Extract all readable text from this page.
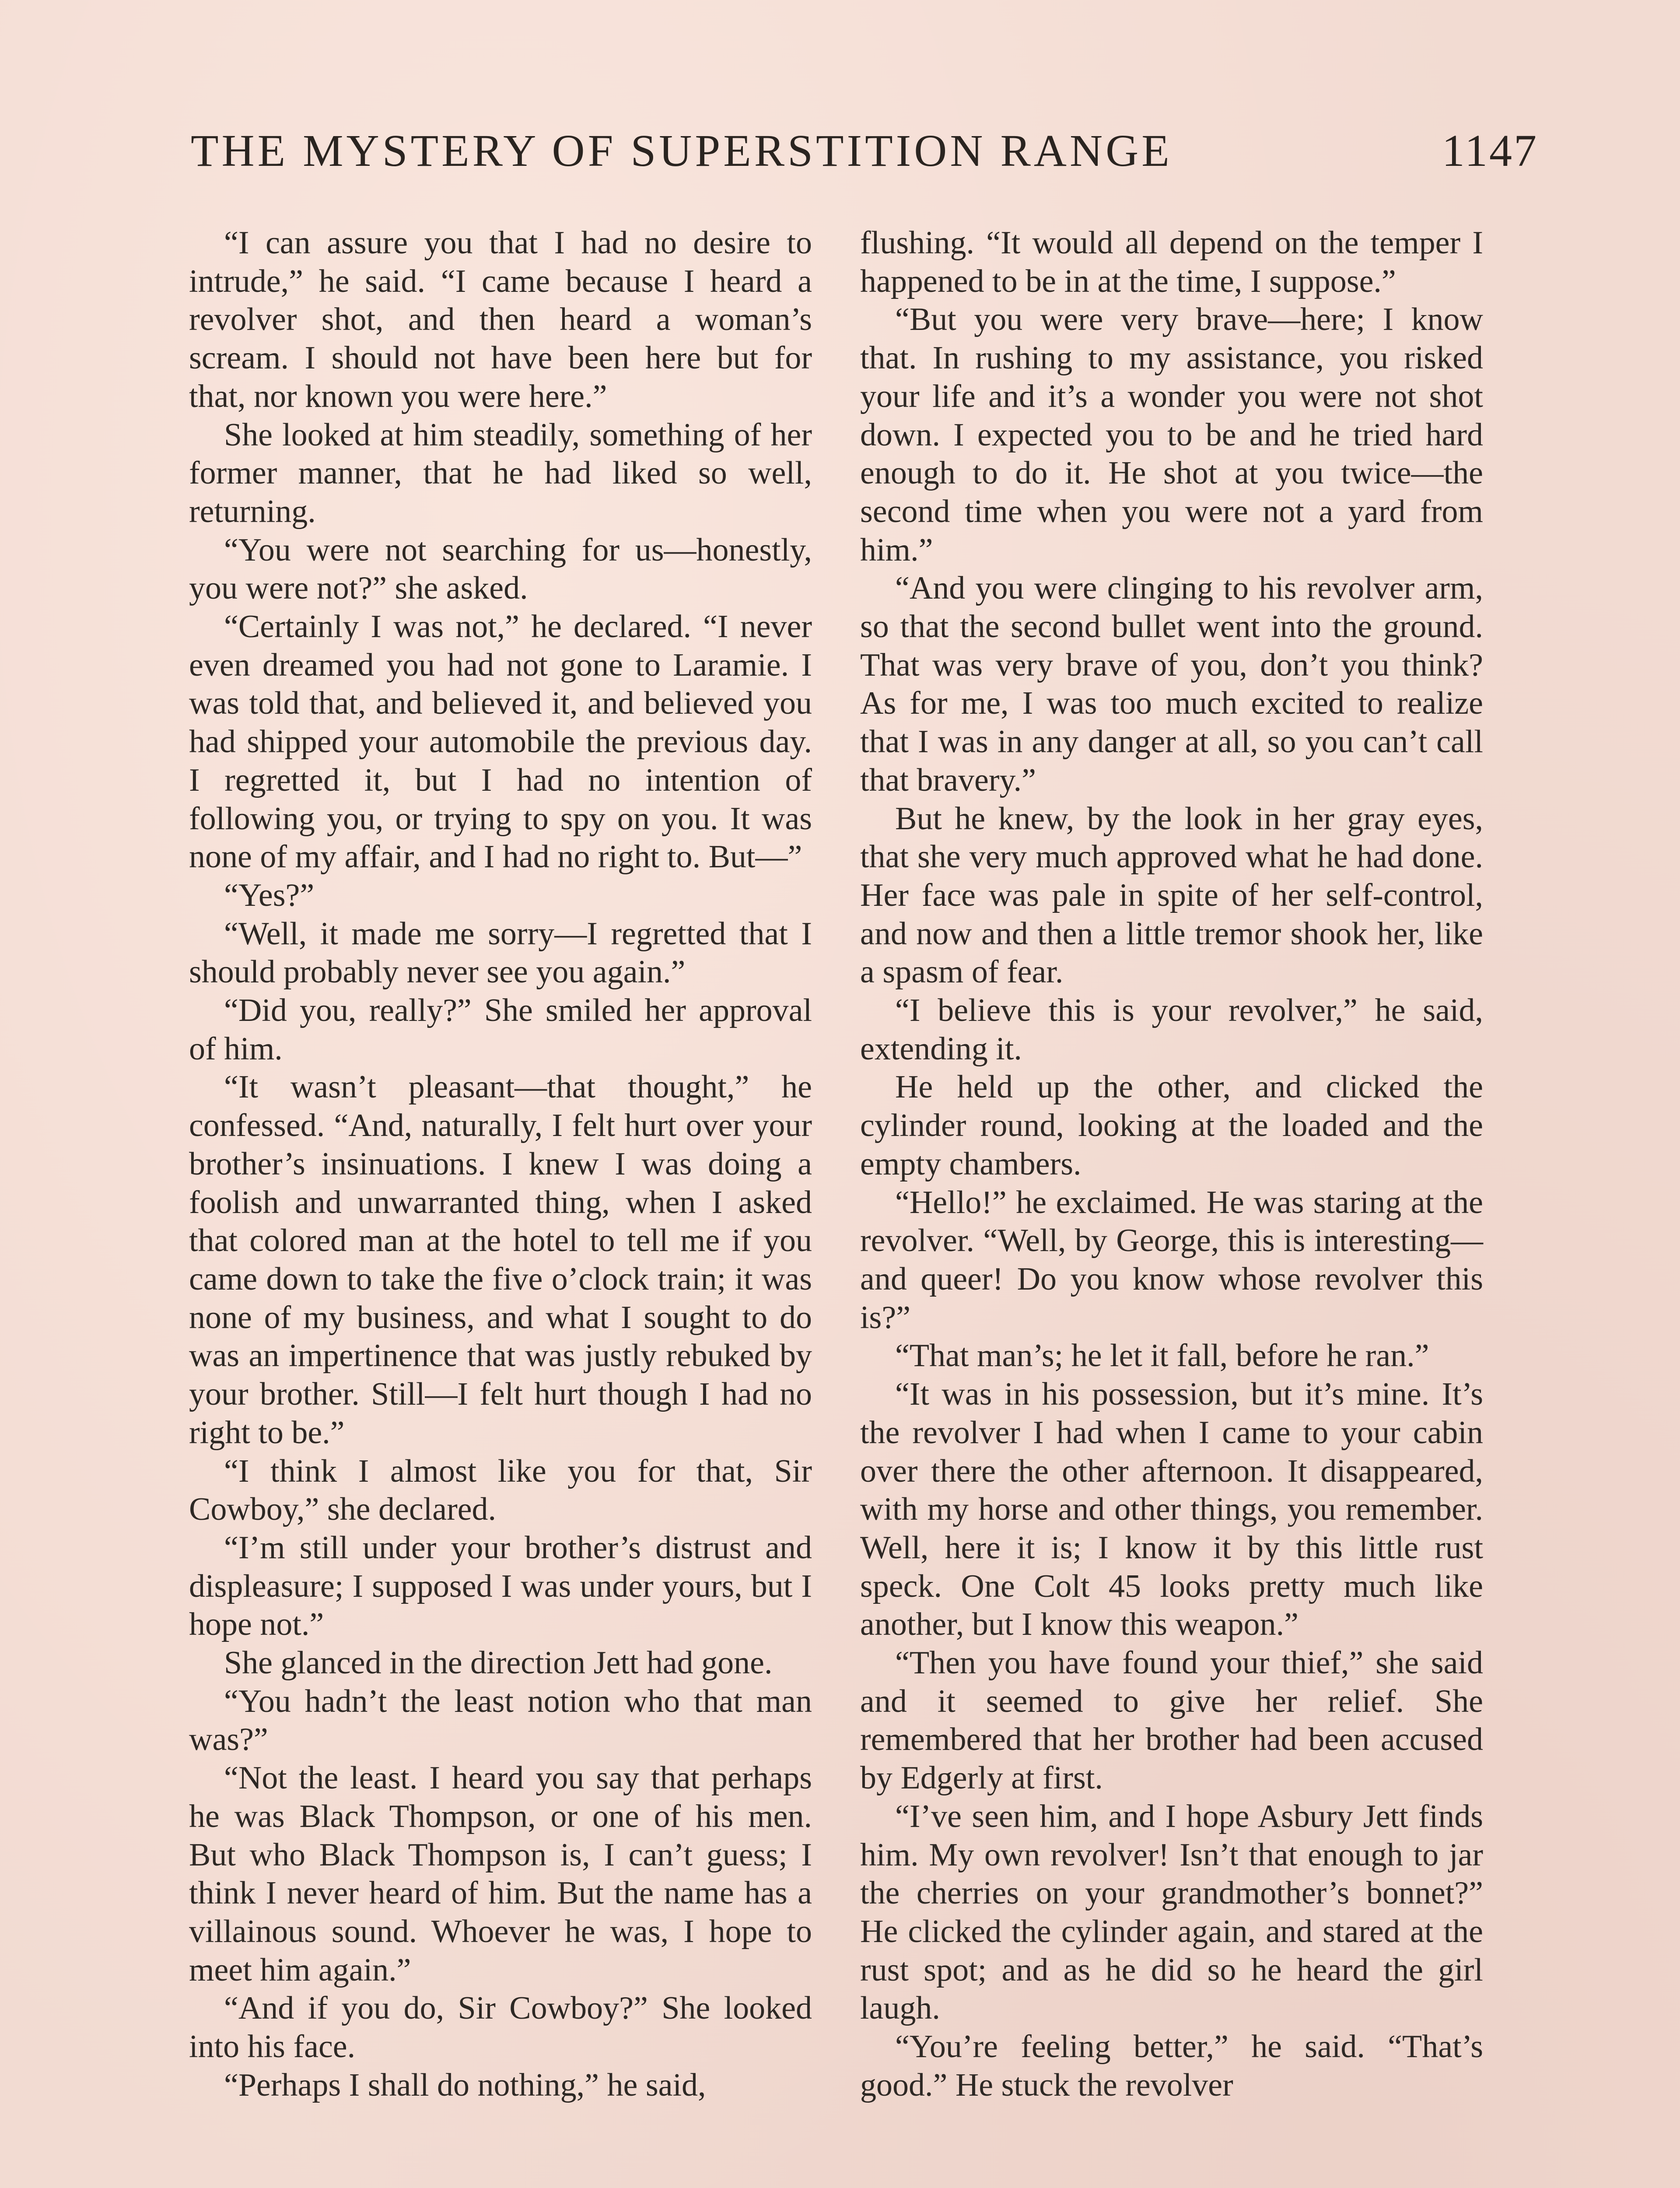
THE MYSTERY OF SUPERSTITION RANGE	1147

“I can assure you that I had no desire to intrude,” he said. “I came because I heard a revolver shot, and then heard a woman’s scream. I should not have been here but for that, nor known you were here.”

She looked at him steadily, something of her former manner, that he had liked so well, returning.

“You were not searching for us—honestly, you were not?” she asked.

“Certainly I was not,” he declared. “I never even dreamed you had not gone to Laramie. I was told that, and believed it, and believed you had shipped your automobile the previous day. I regretted it, but I had no intention of following you, or trying to spy on you. It was none of my affair, and I had no right to. But—”

“Yes?”

“Well, it made me sorry—I regretted that I should probably never see you again.”

“Did you, really?” She smiled her approval of him.

“It wasn’t pleasant—that thought,” he confessed. “And, naturally, I felt hurt over your brother’s insinuations. I knew I was doing a foolish and unwarranted thing, when I asked that colored man at the hotel to tell me if you came down to take the five o’clock train; it was none of my business, and what I sought to do was an impertinence that was justly rebuked by your brother. Still—I felt hurt though I had no right to be.”

“I think I almost like you for that, Sir Cowboy,” she declared.

“I’m still under your brother’s distrust and displeasure; I supposed I was under yours, but I hope not.”

She glanced in the direction Jett had gone.

“You hadn’t the least notion who that man was?”

“Not the least. I heard you say that perhaps he was Black Thompson, or one of his men. But who Black Thompson is, I can’t guess; I think I never heard of him. But the name has a villainous sound. Whoever he was, I hope to meet him again.”

“And if you do, Sir Cowboy?” She looked into his face.

“Perhaps I shall do nothing,” he said,

flushing. “It would all depend on the temper I happened to be in at the time, I suppose.”

“But you were very brave—here; I know that. In rushing to my assistance, you risked your life and it’s a wonder you were not shot down. I expected you to be and he tried hard enough to do it. He shot at you twice—the second time when you were not a yard from him.”

“And you were clinging to his revolver arm, so that the second bullet went into the ground. That was very brave of you, don’t you think? As for me, I was too much excited to realize that I was in any danger at all, so you can’t call that bravery.”

But he knew, by the look in her gray eyes, that she very much approved what he had done. Her face was pale in spite of her self-control, and now and then a little tremor shook her, like a spasm of fear.

“I believe this is your revolver,” he said, extending it.

He held up the other, and clicked the cylinder round, looking at the loaded and the empty chambers.

“Hello!” he exclaimed. He was staring at the revolver. “Well, by George, this is interesting—and queer! Do you know whose revolver this is?”

“That man’s; he let it fall, before he ran.”

“It was in his possession, but it’s mine. It’s the revolver I had when I came to your cabin over there the other afternoon. It disappeared, with my horse and other things, you remember. Well, here it is; I know it by this little rust speck. One Colt 45 looks pretty much like another, but I know this weapon.”

“Then you have found your thief,” she said and it seemed to give her relief. She remembered that her brother had been accused by Edgerly at first.

“I’ve seen him, and I hope Asbury Jett finds him. My own revolver! Isn’t that enough to jar the cherries on your grandmother’s bonnet?” He clicked the cylinder again, and stared at the rust spot; and as he did so he heard the girl laugh.

“You’re feeling better,” he said. “That’s good.” He stuck the revolver
